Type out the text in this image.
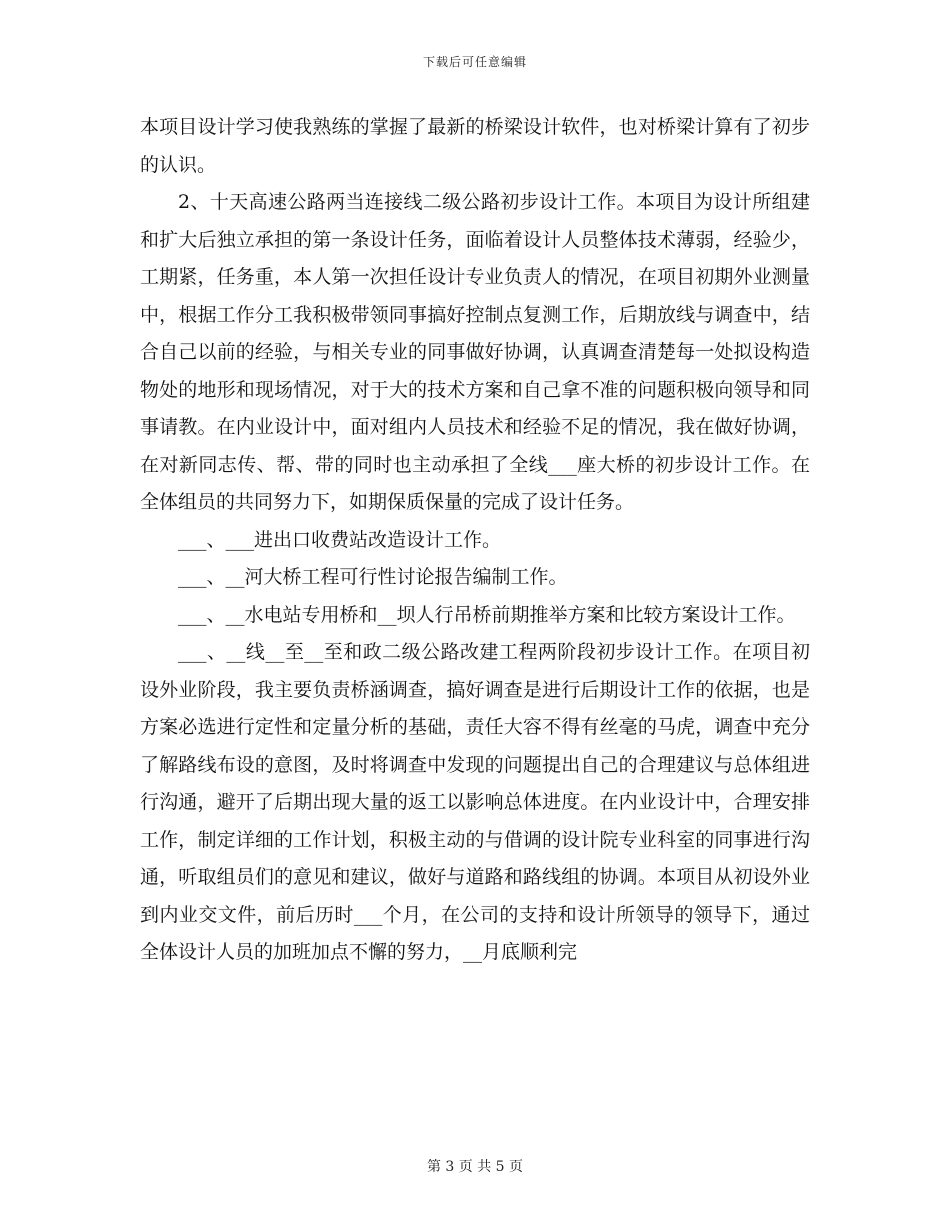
下载后可任意编辑

本项目设计学习使我熟练的掌握了最新的桥梁设计软件，也对桥梁计算有了初步的认识。

2、十天高速公路两当连接线二级公路初步设计工作。本项目为设计所组建和扩大后独立承担的第一条设计任务，面临着设计人员整体技术薄弱，经验少，工期紧，任务重，本人第一次担任设计专业负责人的情况，在项目初期外业测量中，根据工作分工我积极带领同事搞好控制点复测工作，后期放线与调查中，结合自己以前的经验，与相关专业的同事做好协调，认真调查清楚每一处拟设构造物处的地形和现场情况，对于大的技术方案和自己拿不准的问题积极向领导和同事请教。在内业设计中，面对组内人员技术和经验不足的情况，我在做好协调，在对新同志传、帮、带的同时也主动承担了全线___座大桥的初步设计工作。在全体组员的共同努力下，如期保质保量的完成了设计任务。

___、___进出口收费站改造设计工作。

___、__河大桥工程可行性讨论报告编制工作。

___、__水电站专用桥和__坝人行吊桥前期推举方案和比较方案设计工作。

___、__线__至__至和政二级公路改建工程两阶段初步设计工作。在项目初设外业阶段，我主要负责桥涵调查，搞好调查是进行后期设计工作的依据，也是方案必选进行定性和定量分析的基础，责任大容不得有丝毫的马虎，调查中充分了解路线布设的意图，及时将调查中发现的问题提出自己的合理建议与总体组进行沟通，避开了后期出现大量的返工以影响总体进度。在内业设计中，合理安排工作，制定详细的工作计划，积极主动的与借调的设计院专业科室的同事进行沟通，听取组员们的意见和建议，做好与道路和路线组的协调。本项目从初设外业到内业交文件，前后历时___个月，在公司的支持和设计所领导的领导下，通过全体设计人员的加班加点不懈的努力，__月底顺利完

第 3 页 共 5 页
